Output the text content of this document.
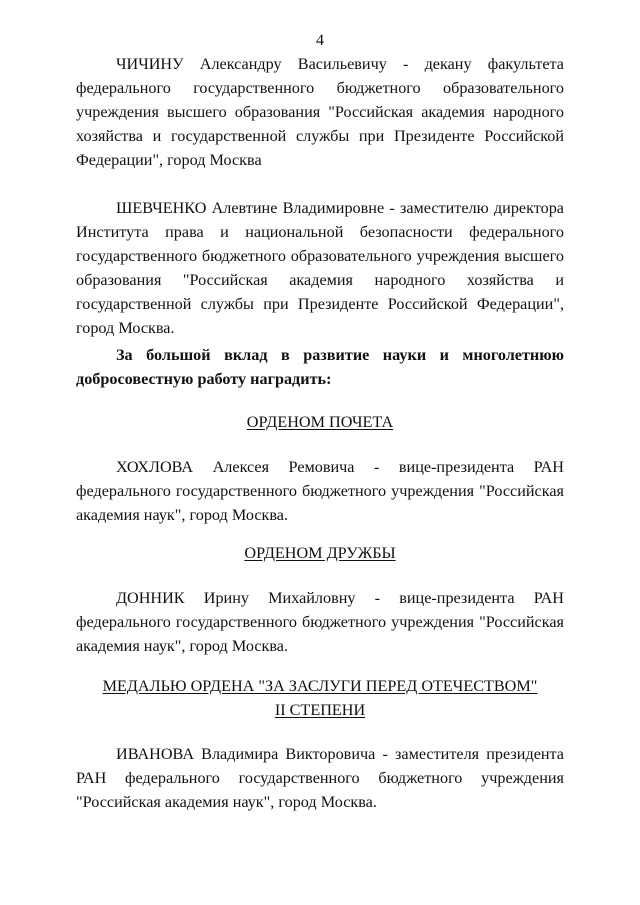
4

ЧИЧИНУ Александру Васильевичу - декану факультета федерального государственного бюджетного образовательного учреждения высшего образования "Российская академия народного хозяйства и государственной службы при Президенте Российской Федерации", город Москва

ШЕВЧЕНКО Алевтине Владимировне - заместителю директора Института права и национальной безопасности федерального государственного бюджетного образовательного учреждения высшего образования "Российская академия народного хозяйства и государственной службы при Президенте Российской Федерации", город Москва.

За большой вклад в развитие науки и многолетнюю добросовестную работу наградить:

ОРДЕНОМ ПОЧЕТА

ХОХЛОВА Алексея Ремовича - вице-президента РАН федерального государственного бюджетного учреждения "Российская академия наук", город Москва.

ОРДЕНОМ ДРУЖБЫ

ДОННИК Ирину Михайловну - вице-президента РАН федерального государственного бюджетного учреждения "Российская академия наук", город Москва.

МЕДАЛЬЮ ОРДЕНА "ЗА ЗАСЛУГИ ПЕРЕД ОТЕЧЕСТВОМ"
II СТЕПЕНИ

ИВАНОВА Владимира Викторовича - заместителя президента РАН федерального государственного бюджетного учреждения "Российская академия наук", город Москва.
